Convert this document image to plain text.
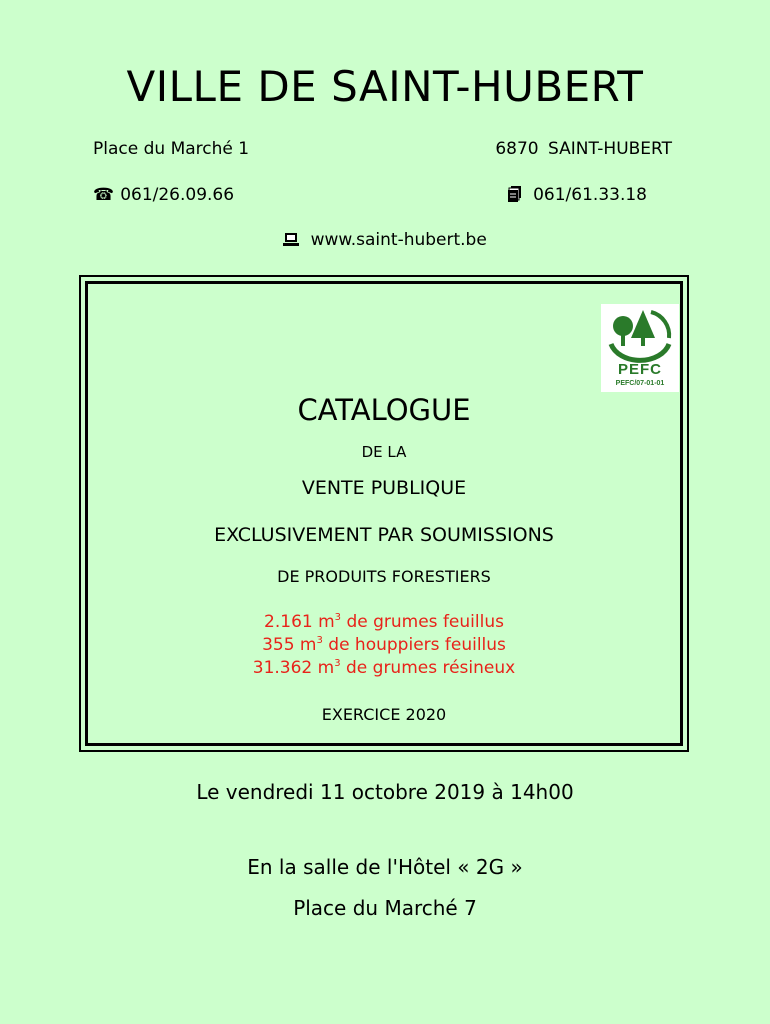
VILLE DE SAINT-HUBERT
Place du Marché 1	6870 SAINT-HUBERT
☎ 061/26.09.66	061/61.33.18
www.saint-hubert.be
PEFC
PEFC/07-01-01
CATALOGUE
DE LA
VENTE PUBLIQUE
EXCLUSIVEMENT PAR SOUMISSIONS
DE PRODUITS FORESTIERS
2.161 $m^3$ de grumes feuillus
355 $m^3$ de houppiers feuillus
31.362 $m^3$ de grumes résineux
EXERCICE 2020
Le vendredi 11 octobre 2019 à 14h00
En la salle de l'Hôtel « 2G »
Place du Marché 7
